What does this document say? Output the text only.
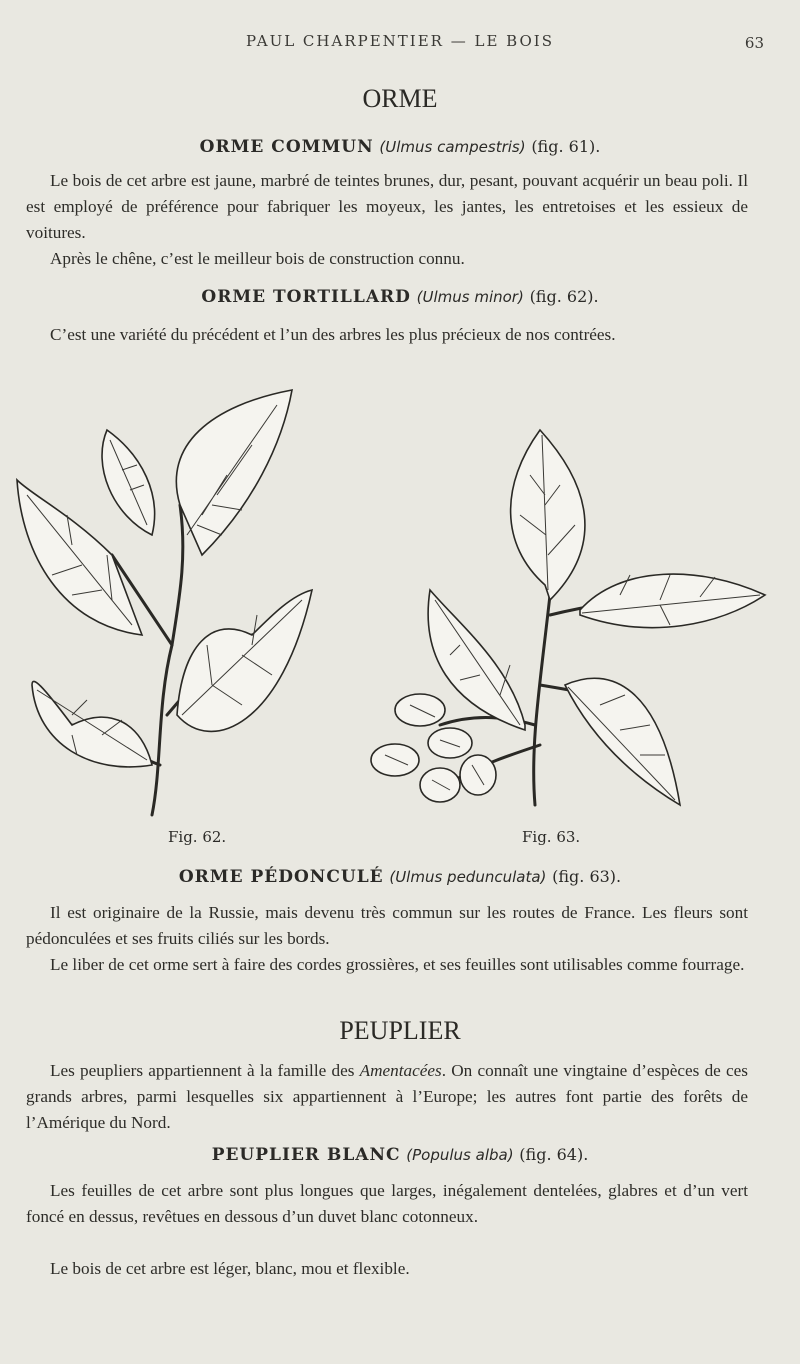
PAUL CHARPENTIER — LE BOIS	63
ORME
ORME COMMUN (Ulmus campestris) (fig. 61).
Le bois de cet arbre est jaune, marbré de teintes brunes, dur, pesant, pouvant acquérir un beau poli. Il est employé de préférence pour fabriquer les moyeux, les jantes, les entretoises et les essieux de voitures.
Après le chêne, c’est le meilleur bois de construction connu.
ORME TORTILLARD (Ulmus minor) (fig. 62).
C’est une variété du précédent et l’un des arbres les plus précieux de nos contrées.
Fig. 62.	Fig. 63.
ORME PÉDONCULÉ (Ulmus pedunculata) (fig. 63).
Il est originaire de la Russie, mais devenu très commun sur les routes de France. Les fleurs sont pédonculées et ses fruits ciliés sur les bords.
Le liber de cet orme sert à faire des cordes grossières, et ses feuilles sont utilisables comme fourrage.
PEUPLIER
Les peupliers appartiennent à la famille des Amentacées. On connaît une vingtaine d’espèces de ces grands arbres, parmi lesquelles six appartiennent à l’Europe; les autres font partie des forêts de l’Amérique du Nord.
PEUPLIER BLANC (Populus alba) (fig. 64).
Les feuilles de cet arbre sont plus longues que larges, inégalement dentelées, glabres et d’un vert foncé en dessus, revêtues en dessous d’un duvet blanc cotonneux.
Le bois de cet arbre est léger, blanc, mou et flexible.
